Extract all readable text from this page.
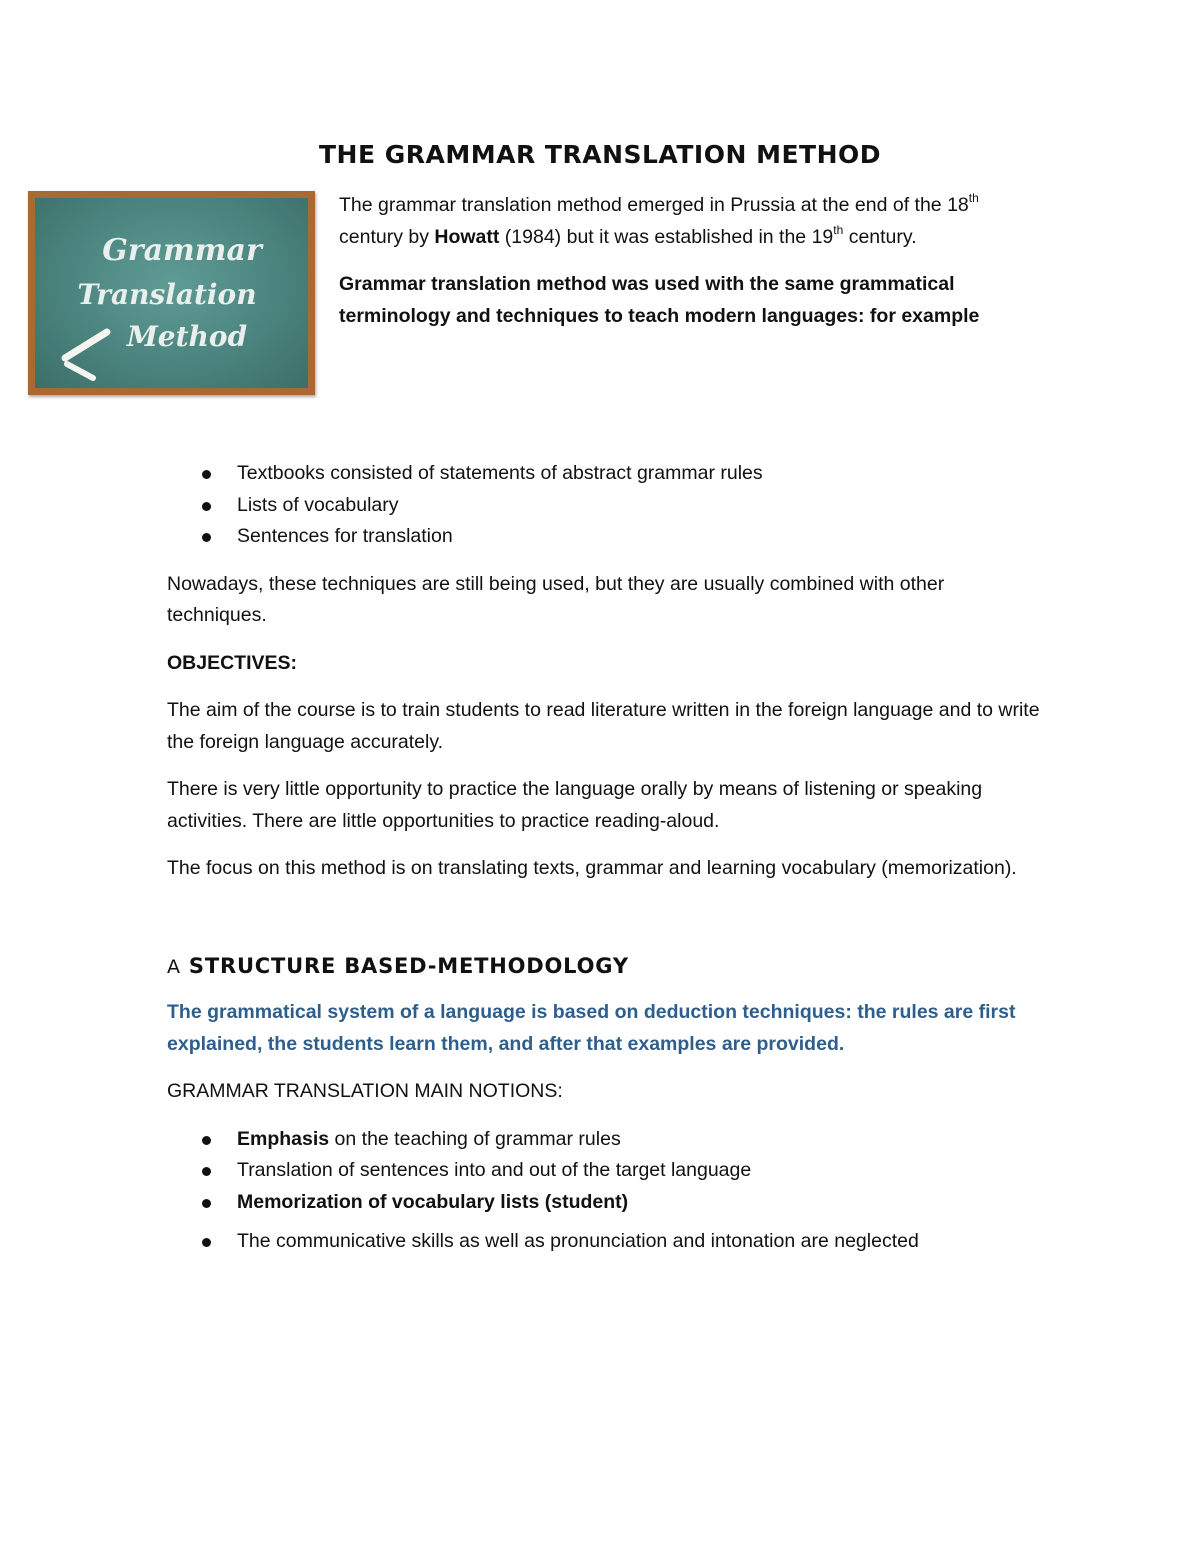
THE GRAMMAR TRANSLATION METHOD
Grammar
Translation
Method

The grammar translation method emerged in Prussia at the end of the 18th century by Howatt (1984) but it was established in the 19th century.

Grammar translation method was used with the same grammatical terminology and techniques to teach modern languages: for example

Textbooks consisted of statements of abstract grammar rules
Lists of vocabulary
Sentences for translation

Nowadays, these techniques are still being used, but they are usually combined with other techniques.

OBJECTIVES:

The aim of the course is to train students to read literature written in the foreign language and to write the foreign language accurately.

There is very little opportunity to practice the language orally by means of listening or speaking activities. There are little opportunities to practice reading-aloud.

The focus on this method is on translating texts, grammar and learning vocabulary (memorization).

A STRUCTURE BASED-METHODOLOGY

The grammatical system of a language is based on deduction techniques: the rules are first explained, the students learn them, and after that examples are provided.

GRAMMAR TRANSLATION MAIN NOTIONS:

Emphasis on the teaching of grammar rules
Translation of sentences into and out of the target language
Memorization of vocabulary lists (student)
The communicative skills as well as pronunciation and intonation are neglected
